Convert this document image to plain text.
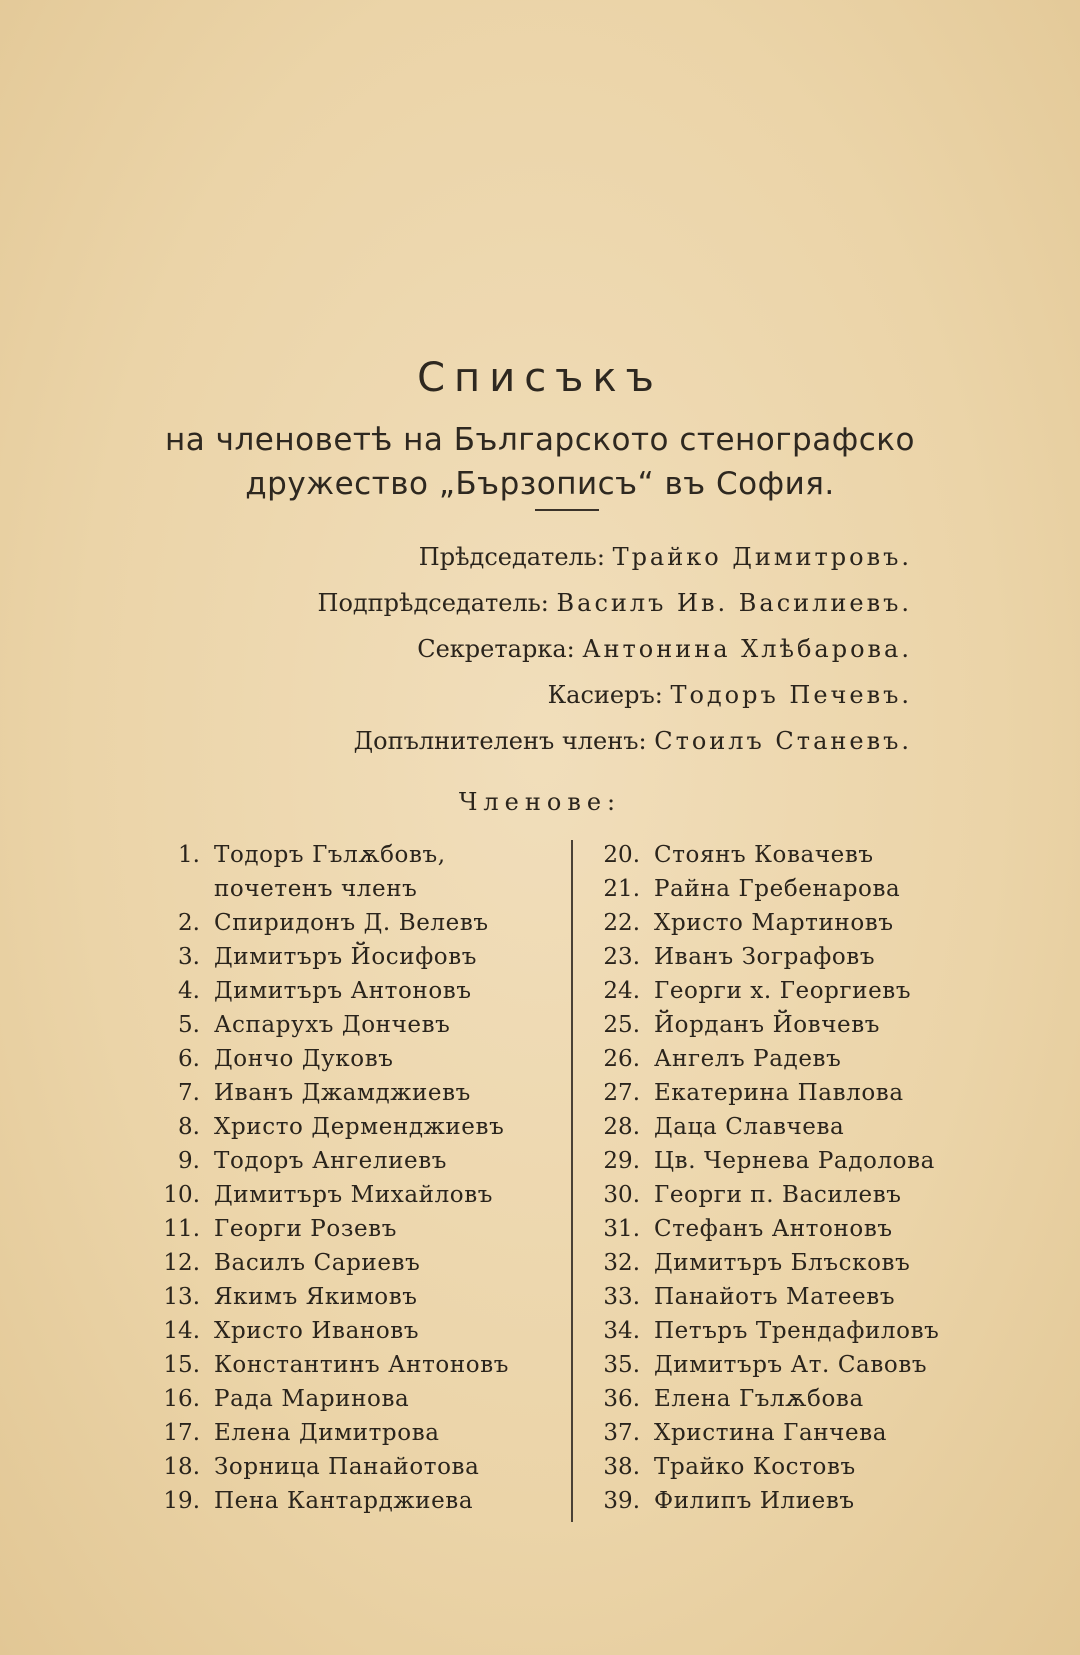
Списъкъ
на членоветѣ на Българското стенографско
дружество „Бързописъ“ въ София.
Прѣдседатель: Трайко Димитровъ.
Подпрѣдседатель: Василъ Ив. Василиевъ.
Секретарка: Антонина Хлѣбарова.
Касиеръ: Тодоръ Печевъ.
Допълнителенъ членъ: Стоилъ Станевъ.
Членове:
1. Тодоръ Гълѫбовъ, почетенъ членъ
2. Спиридонъ Д. Велевъ
3. Димитъръ Йосифовъ
4. Димитъръ Антоновъ
5. Аспарухъ Дончевъ
6. Дончо Дуковъ
7. Иванъ Джамджиевъ
8. Христо Дерменджиевъ
9. Тодоръ Ангелиевъ
10. Димитъръ Михайловъ
11. Георги Розевъ
12. Василъ Сариевъ
13. Якимъ Якимовъ
14. Христо Ивановъ
15. Константинъ Антоновъ
16. Рада Маринова
17. Елена Димитрова
18. Зорница Панайотова
19. Пена Кантарджиева
20. Стоянъ Ковачевъ
21. Райна Гребенарова
22. Христо Мартиновъ
23. Иванъ Зографовъ
24. Георги х. Георгиевъ
25. Йорданъ Йовчевъ
26. Ангелъ Радевъ
27. Екатерина Павлова
28. Даца Славчева
29. Цв. Чернева Радолова
30. Георги п. Василевъ
31. Стефанъ Антоновъ
32. Димитъръ Блъсковъ
33. Панайотъ Матеевъ
34. Петъръ Трендафиловъ
35. Димитъръ Ат. Савовъ
36. Елена Гълѫбова
37. Христина Ганчева
38. Трайко Костовъ
39. Филипъ Илиевъ
